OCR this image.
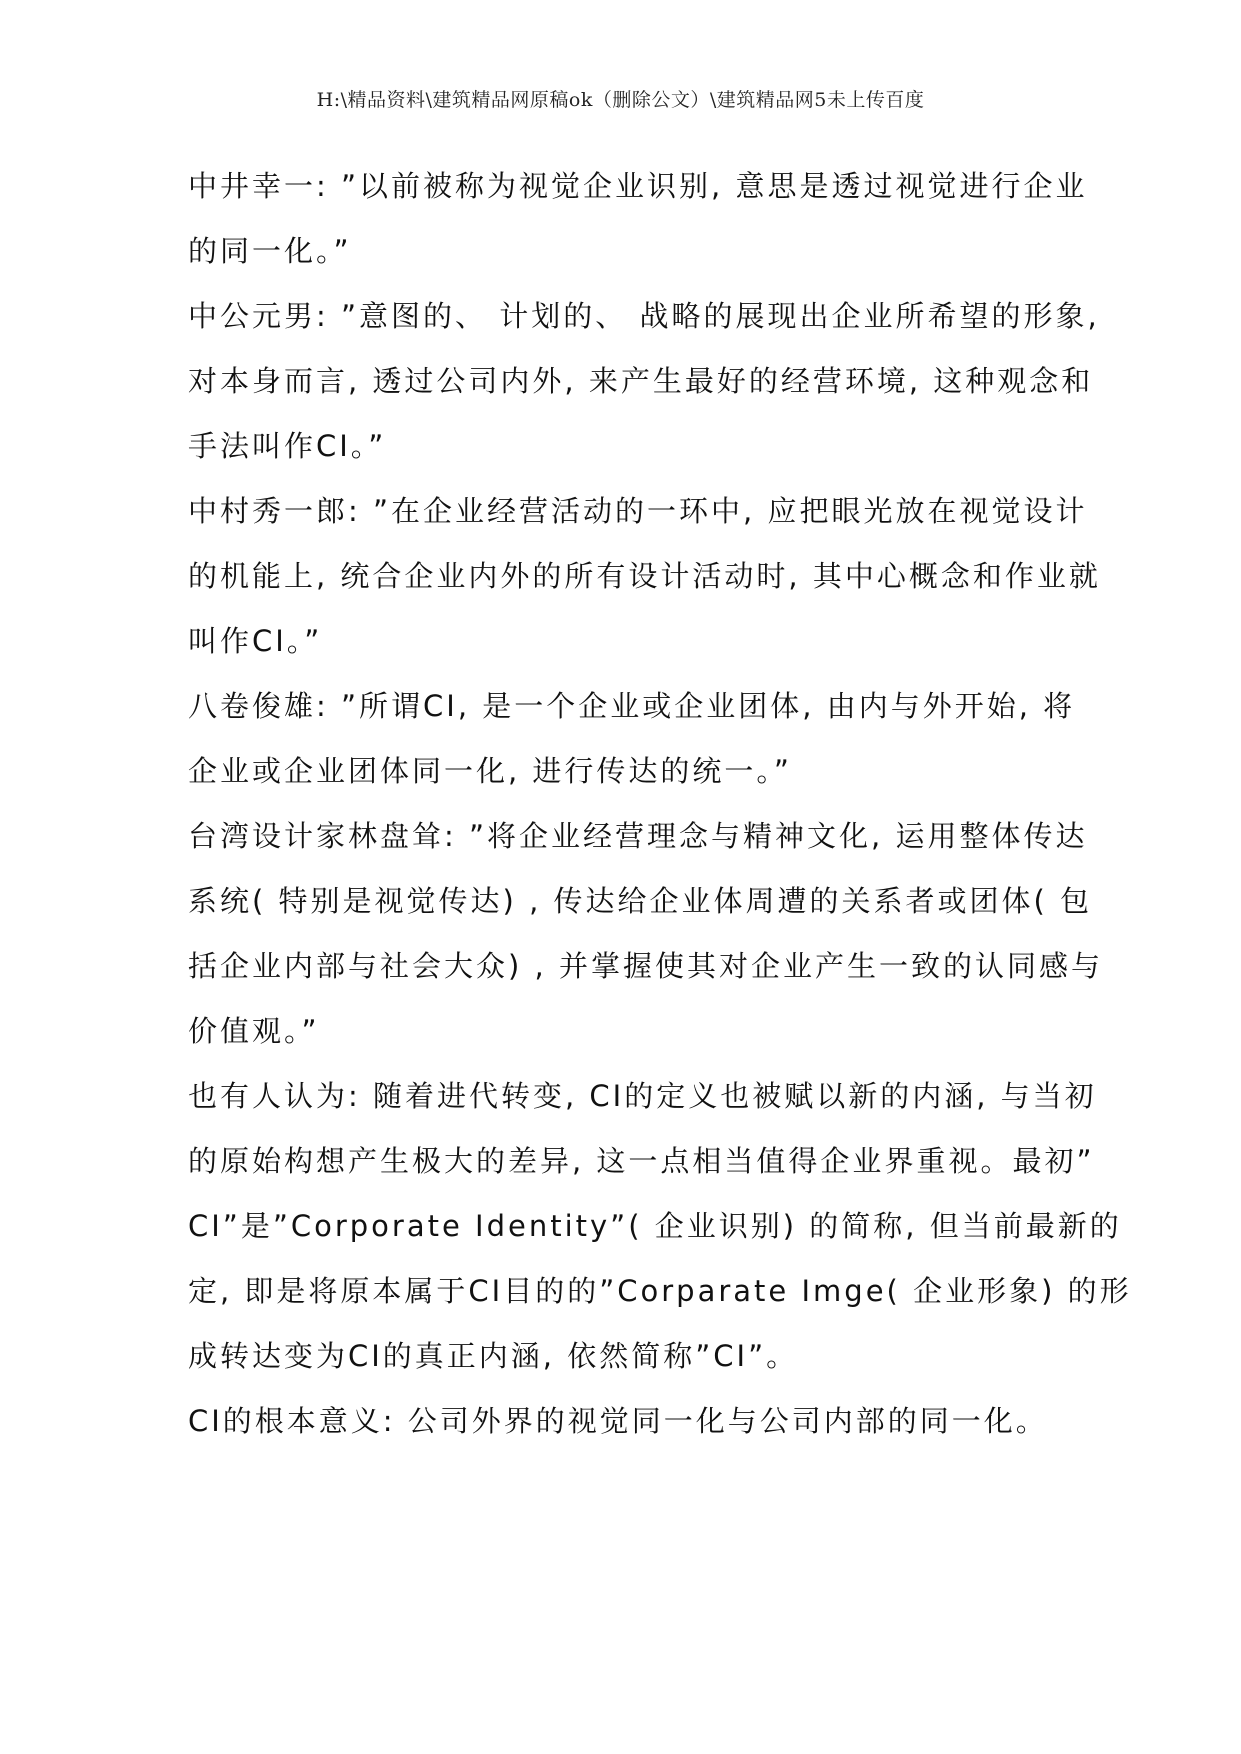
H:\精品资料\建筑精品网原稿ok（删除公文）\建筑精品网5未上传百度
中井幸一: ”以前被称为视觉企业识别, 意思是透过视觉进行企业
的同一化。”
中公元男: ”意图的、 计划的、 战略的展现出企业所希望的形象,
对本身而言, 透过公司内外, 来产生最好的经营环境, 这种观念和
手法叫作CI。”
中村秀一郎: ”在企业经营活动的一环中, 应把眼光放在视觉设计
的机能上, 统合企业内外的所有设计活动时, 其中心概念和作业就
叫作CI。”
八卷俊雄: ”所谓CI, 是一个企业或企业团体, 由内与外开始, 将
企业或企业团体同一化, 进行传达的统一。”
台湾设计家林盘耸: ”将企业经营理念与精神文化, 运用整体传达
系统( 特别是视觉传达) , 传达给企业体周遭的关系者或团体( 包
括企业内部与社会大众) , 并掌握使其对企业产生一致的认同感与
价值观。”
也有人认为: 随着进代转变, CI的定义也被赋以新的内涵, 与当初
的原始构想产生极大的差异, 这一点相当值得企业界重视。最初”
CI”是”Corporate Identity”( 企业识别) 的简称, 但当前最新的
定, 即是将原本属于CI目的的”Corparate Imge( 企业形象) 的形
成转达变为CI的真正内涵, 依然简称”CI”。
CI的根本意义: 公司外界的视觉同一化与公司内部的同一化。
